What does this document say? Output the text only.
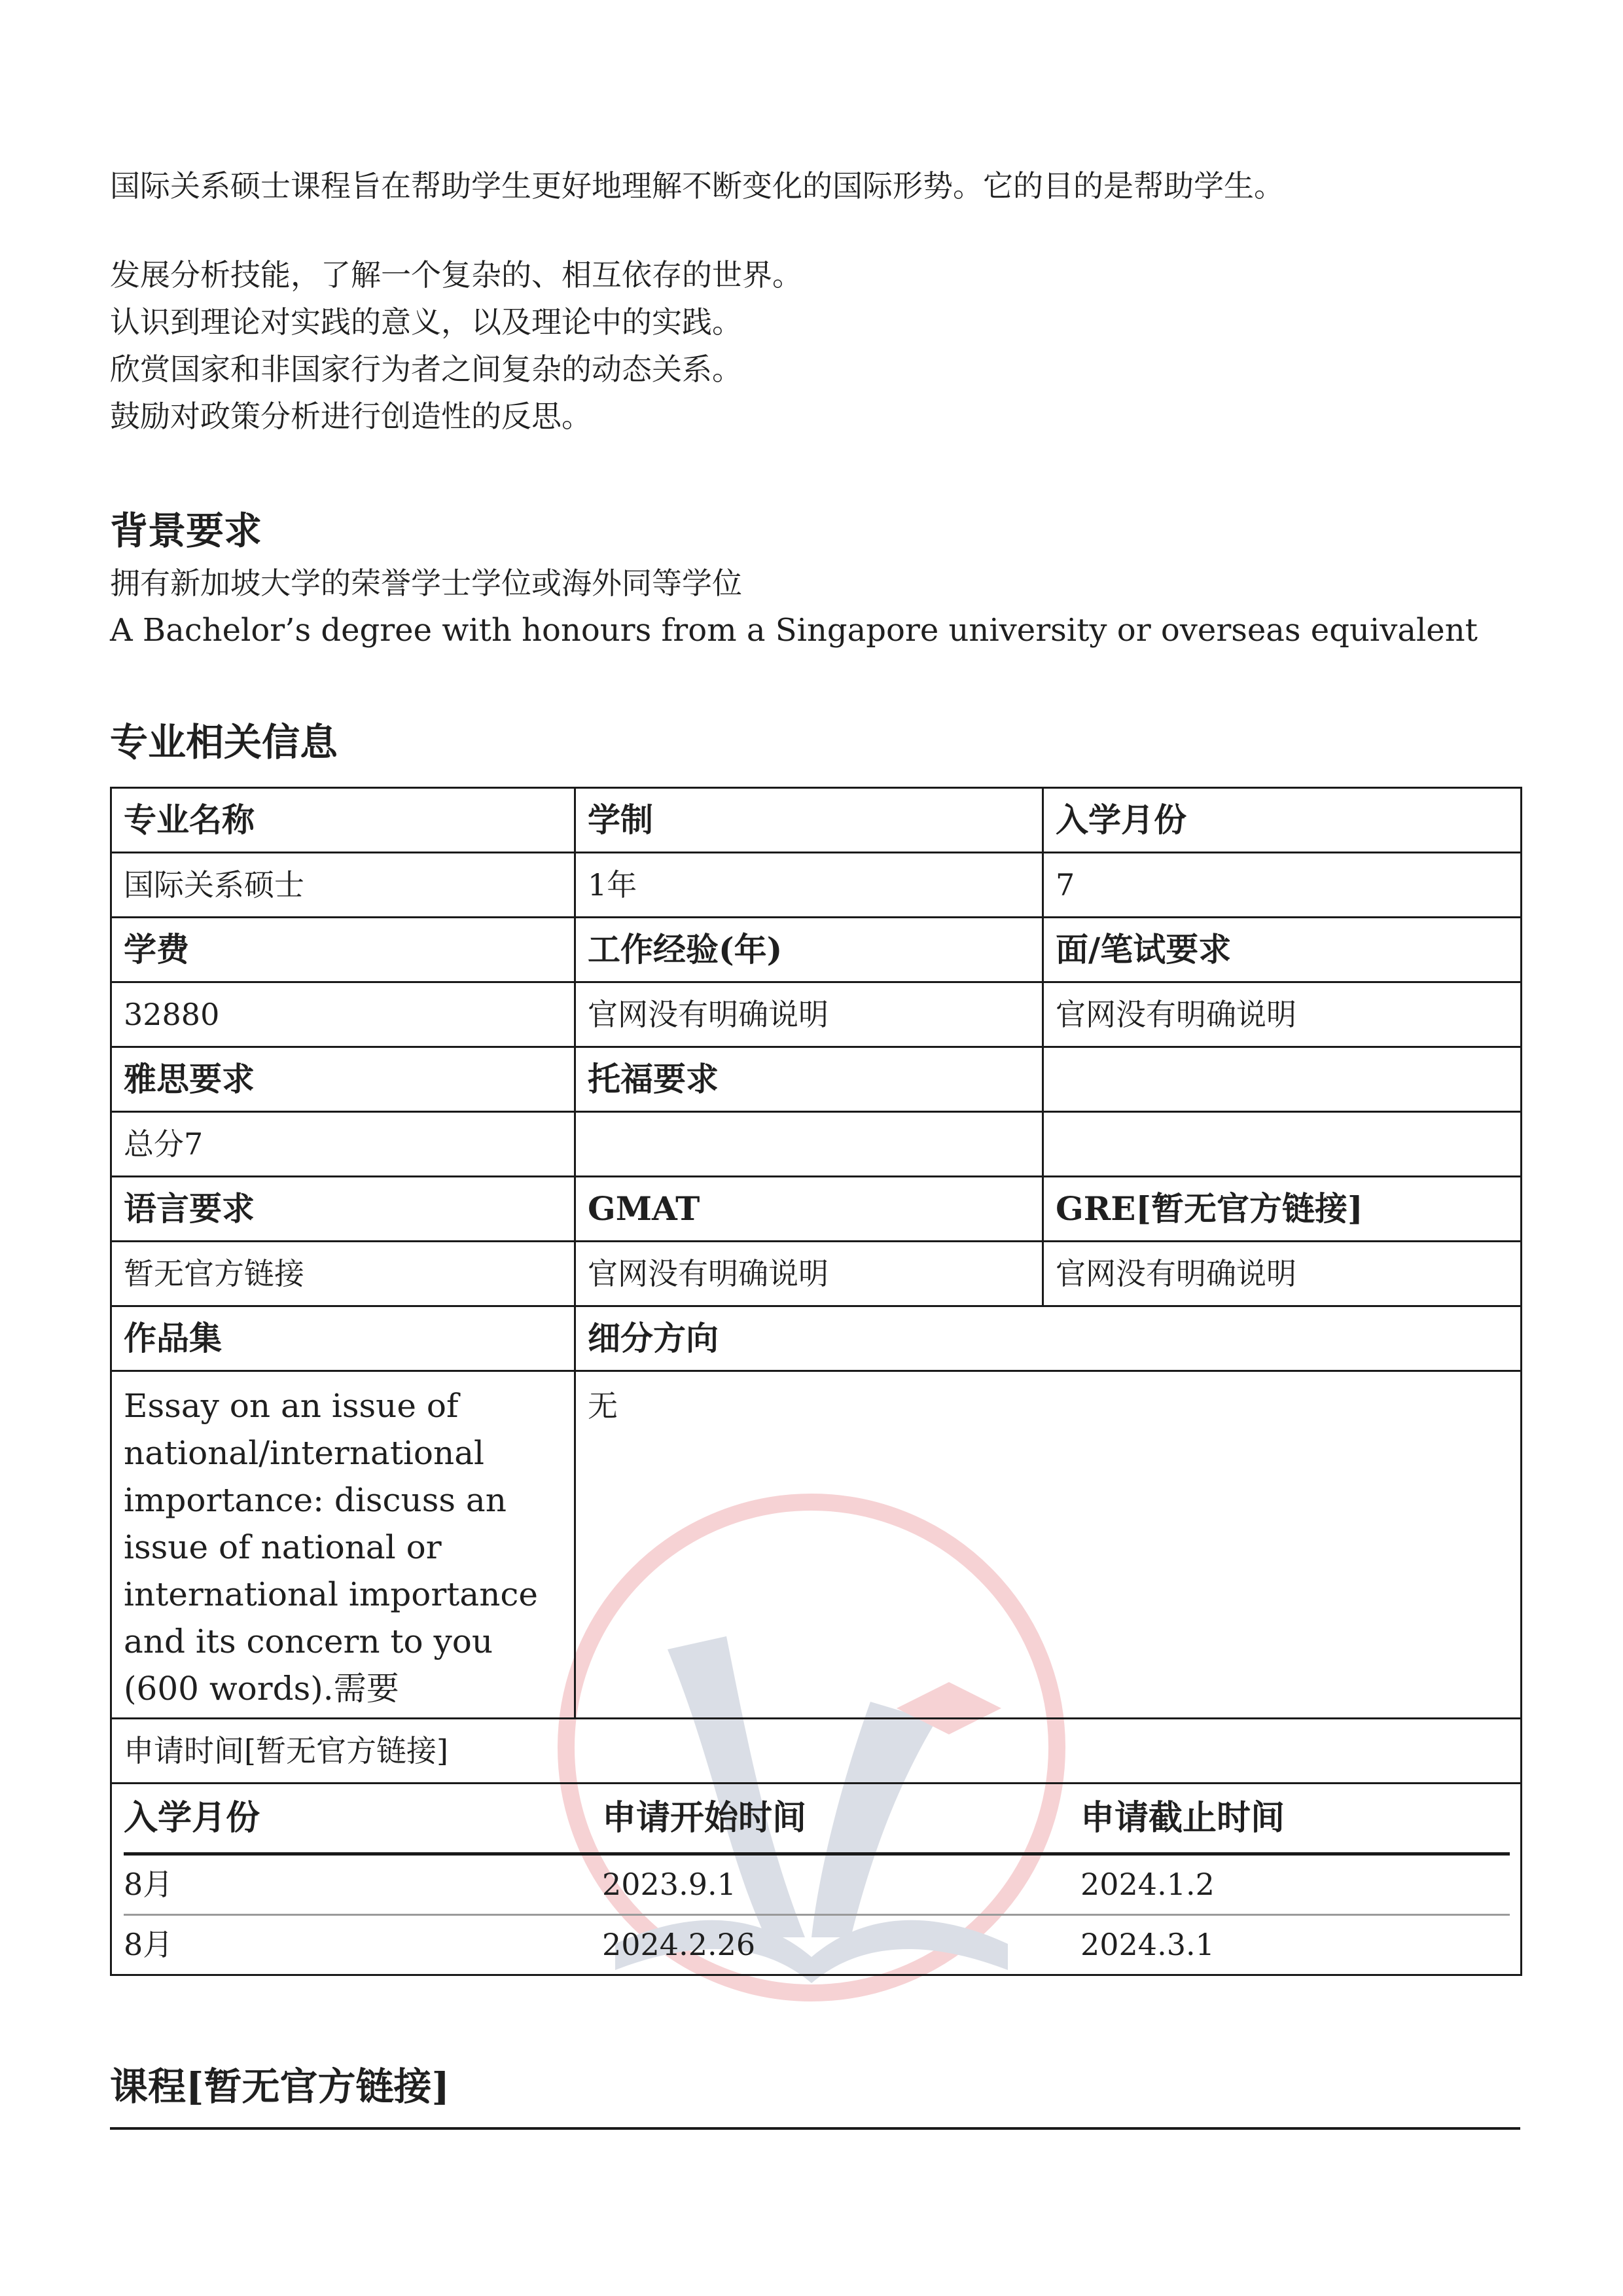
国际关系硕士课程旨在帮助学生更好地理解不断变化的国际形势。它的目的是帮助学生。

发展分析技能，了解一个复杂的、相互依存的世界。

认识到理论对实践的意义，以及理论中的实践。

欣赏国家和非国家行为者之间复杂的动态关系。

鼓励对政策分析进行创造性的反思。

背景要求

拥有新加坡大学的荣誉学士学位或海外同等学位

A Bachelor’s degree with honours from a Singapore university or overseas equivalent

专业相关信息
专业名称	学制	入学月份
国际关系硕士	1年	7
学费	工作经验(年)	面/笔试要求
32880	官网没有明确说明	官网没有明确说明
雅思要求	托福要求	
总分7		
语言要求	GMAT	GRE[暂无官方链接]
暂无官方链接	官网没有明确说明	官网没有明确说明
作品集	细分方向
Essay on an issue of national/international importance: discuss an issue of national or international importance and its concern to you (600 words).需要	无
申请时间[暂无官方链接]

入学月份	申请开始时间	申请截止时间
8月	2023.9.1	2024.1.2
8月	2024.2.26	2024.3.1
课程[暂无官方链接]
